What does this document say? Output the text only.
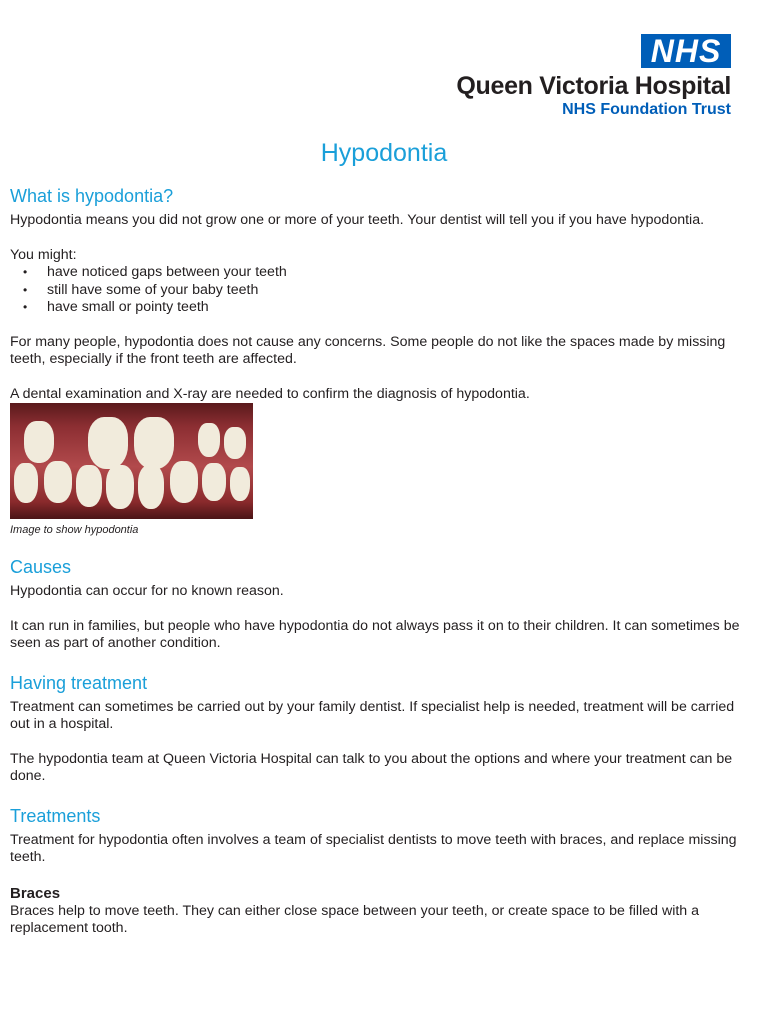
NHS
Queen Victoria Hospital
NHS Foundation Trust
Hypodontia
What is hypodontia?

Hypodontia means you did not grow one or more of your teeth. Your dentist will tell you if you have hypodontia.

You might:

• have noticed gaps between your teeth
• still have some of your baby teeth
• have small or pointy teeth

For many people, hypodontia does not cause any concerns. Some people do not like the spaces made by missing teeth, especially if the front teeth are affected.

A dental examination and X-ray are needed to confirm the diagnosis of hypodontia.

Image to show hypodontia
Causes

Hypodontia can occur for no known reason.

It can run in families, but people who have hypodontia do not always pass it on to their children. It can sometimes be seen as part of another condition.

Having treatment

Treatment can sometimes be carried out by your family dentist. If specialist help is needed, treatment will be carried out in a hospital.

The hypodontia team at Queen Victoria Hospital can talk to you about the options and where your treatment can be done.

Treatments

Treatment for hypodontia often involves a team of specialist dentists to move teeth with braces, and replace missing teeth.

Braces

Braces help to move teeth. They can either close space between your teeth, or create space to be filled with a replacement tooth.
